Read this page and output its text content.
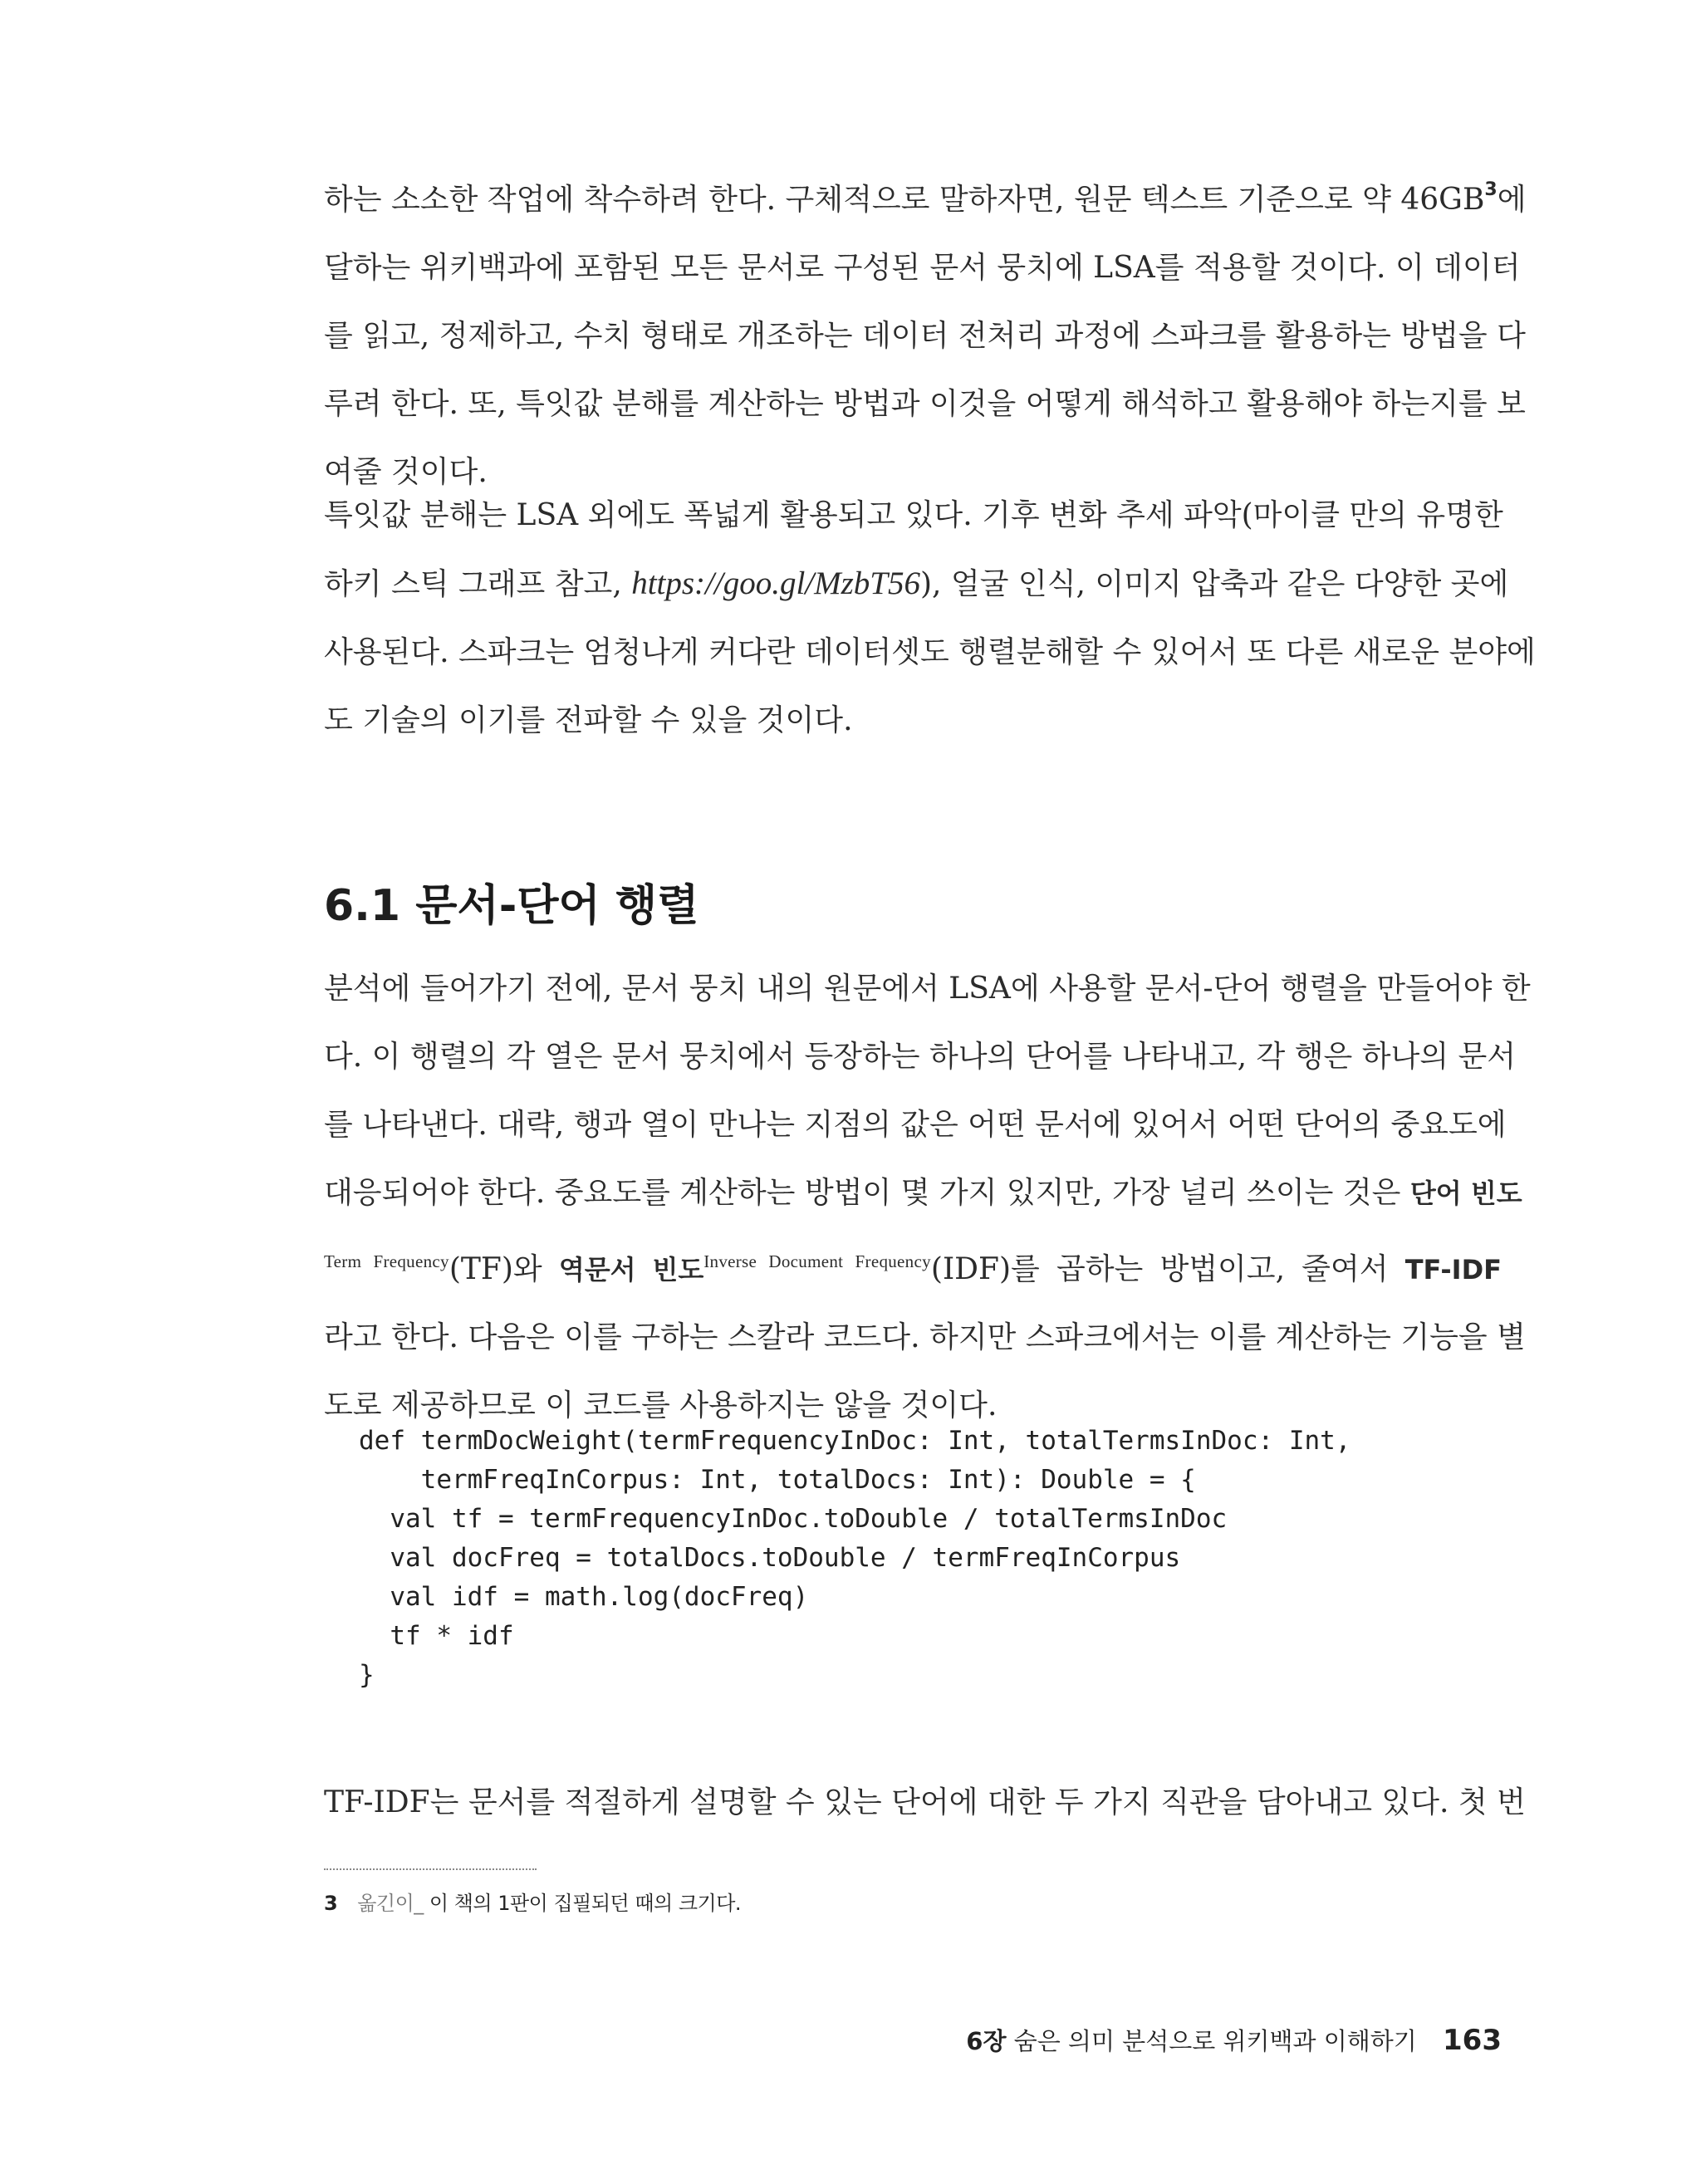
하는 소소한 작업에 착수하려 한다. 구체적으로 말하자면, 원문 텍스트 기준으로 약 46GB$^3$에
달하는 위키백과에 포함된 모든 문서로 구성된 문서 뭉치에 LSA를 적용할 것이다. 이 데이터
를 읽고, 정제하고, 수치 형태로 개조하는 데이터 전처리 과정에 스파크를 활용하는 방법을 다
루려 한다. 또, 특잇값 분해를 계산하는 방법과 이것을 어떻게 해석하고 활용해야 하는지를 보
여줄 것이다.
특잇값 분해는 LSA 외에도 폭넓게 활용되고 있다. 기후 변화 추세 파악(마이클 만의 유명한
하키 스틱 그래프 참고, https://goo.gl/MzbT56), 얼굴 인식, 이미지 압축과 같은 다양한 곳에
사용된다. 스파크는 엄청나게 커다란 데이터셋도 행렬분해할 수 있어서 또 다른 새로운 분야에
도 기술의 이기를 전파할 수 있을 것이다.
6.1 문서-단어 행렬
분석에 들어가기 전에, 문서 뭉치 내의 원문에서 LSA에 사용할 문서-단어 행렬을 만들어야 한
다. 이 행렬의 각 열은 문서 뭉치에서 등장하는 하나의 단어를 나타내고, 각 행은 하나의 문서
를 나타낸다. 대략, 행과 열이 만나는 지점의 값은 어떤 문서에 있어서 어떤 단어의 중요도에
대응되어야 한다. 중요도를 계산하는 방법이 몇 가지 있지만, 가장 널리 쓰이는 것은 단어 빈도
$^{Term Frequency}$(TF)와 역문서 빈도$^{Inverse Document Frequency}$(IDF)를 곱하는 방법이고, 줄여서 TF-IDF
라고 한다. 다음은 이를 구하는 스칼라 코드다. 하지만 스파크에서는 이를 계산하는 기능을 별
도로 제공하므로 이 코드를 사용하지는 않을 것이다.
def termDocWeight(termFrequencyInDoc: Int, totalTermsInDoc: Int,
termFreqInCorpus: Int, totalDocs: Int): Double = {
val tf = termFrequencyInDoc.toDouble / totalTermsInDoc
val docFreq = totalDocs.toDouble / termFreqInCorpus
val idf = math.log(docFreq)
tf * idf
}
TF-IDF는 문서를 적절하게 설명할 수 있는 단어에 대한 두 가지 직관을 담아내고 있다. 첫 번
3 옮긴이_ 이 책의 1판이 집필되던 때의 크기다.
6장 숨은 의미 분석으로 위키백과 이해하기 163
